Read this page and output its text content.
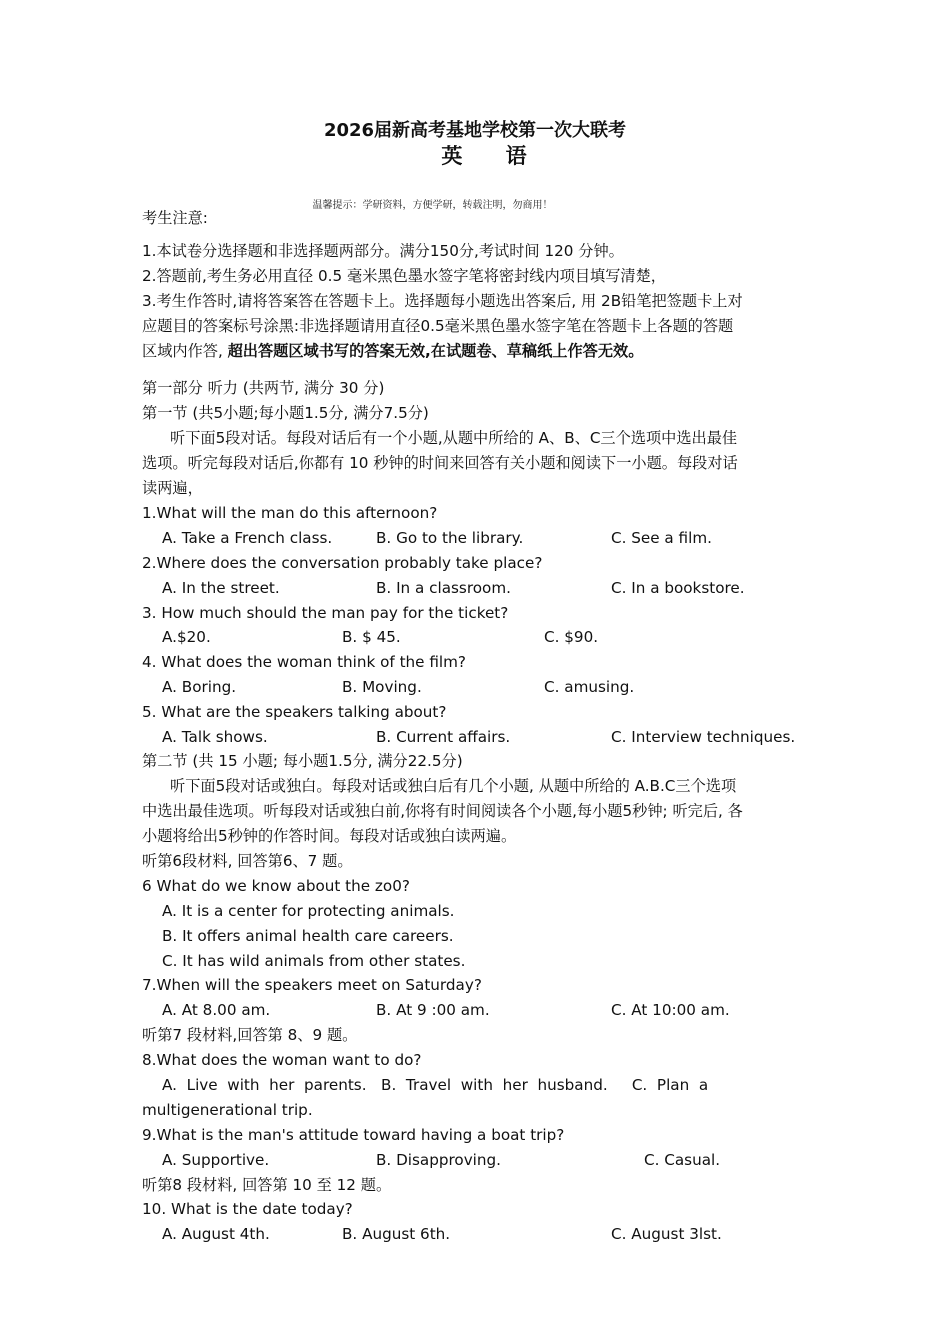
2026届新高考基地学校第一次大联考
英 语
温馨提示：学研资料，方便学研，转载注明，勿商用！
考生注意:
1.本试卷分选择题和非选择题两部分。满分150分,考试时间 120 分钟。
2.答题前,考生务必用直径 0.5 毫米黑色墨水签字笔将密封线内项目填写清楚，
3.考生作答时,请将答案答在答题卡上。选择题每小题选出答案后, 用 2B铅笔把签题卡上对
应题目的答案标号涂黑:非选择题请用直径0.5毫米黑色墨水签字笔在答题卡上各题的答题
区域内作答, 超出答题区域书写的答案无效,在试题卷、草稿纸上作答无效。
第一部分 听力 (共两节, 满分 30 分)
第一节 (共5小题;每小题1.5分, 满分7.5分)
听下面5段对话。每段对话后有一个小题,从题中所给的 A、B、C三个选项中选出最佳
选项。听完每段对话后,你都有 10 秒钟的时间来回答有关小题和阅读下一小题。每段对话
读两遍，
1.What will the man do this afternoon?
A. Take a French class.	B. Go to the library.	C. See a film.
2.Where does the conversation probably take place?
A. In the street.	B. In a classroom.	C. In a bookstore.
3. How much should the man pay for the ticket?
A.$20.	B. $ 45.	C. $90.
4. What does the woman think of the film?
A. Boring.	B. Moving.	C. amusing.
5. What are the speakers talking about?
A. Talk shows.	B. Current affairs.	C. Interview techniques.
第二节 (共 15 小题; 每小题1.5分, 满分22.5分)
听下面5段对话或独白。每段对话或独白后有几个小题, 从题中所给的 A.B.C三个选项
中选出最佳选项。听每段对话或独白前,你将有时间阅读各个小题,每小题5秒钟; 听完后, 各
小题将给出5秒钟的作答时间。每段对话或独白读两遍。
听第6段材料, 回答第6、7 题。
6 What do we know about the zo0?
A. It is a center for protecting animals.
B. It offers animal health care careers.
C. It has wild animals from other states.
7.When will the speakers meet on Saturday?
A. At 8.00 am.	B. At 9 :00 am.	C. At 10:00 am.
听第7 段材料,回答第 8、9 题。
8.What does the woman want to do?
A.  Live  with  her  parents.   B.  Travel  with  her  husband.     C.  Plan  a
multigenerational trip.
9.What is the man's attitude toward having a boat trip?
A. Supportive.	B. Disapproving.	C. Casual.
听第8 段材料, 回答第 10 至 12 题。
10. What is the date today?
A. August 4th.	B. August 6th.	C. August 3lst.
